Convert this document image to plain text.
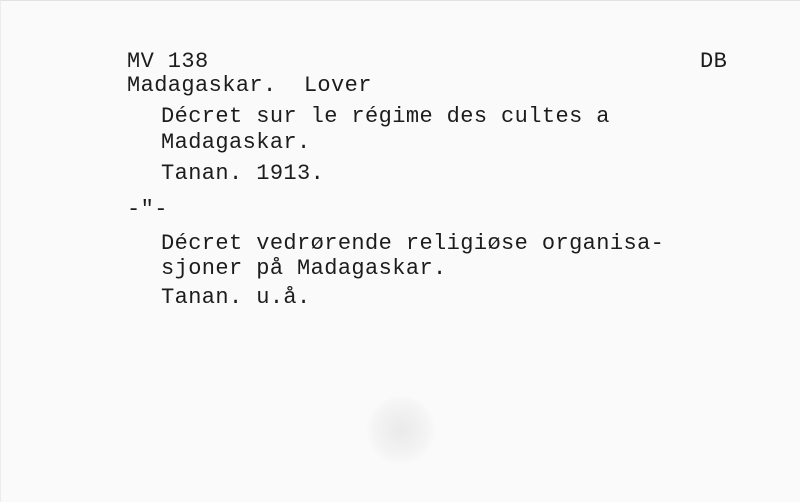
MV 138	DB
Madagaskar.  Lover
Décret sur le régime des cultes a
Madagaskar.
Tanan. 1913.
-"-
Décret vedrørende religiøse organisa-
sjoner på Madagaskar.
Tanan. u.å.
